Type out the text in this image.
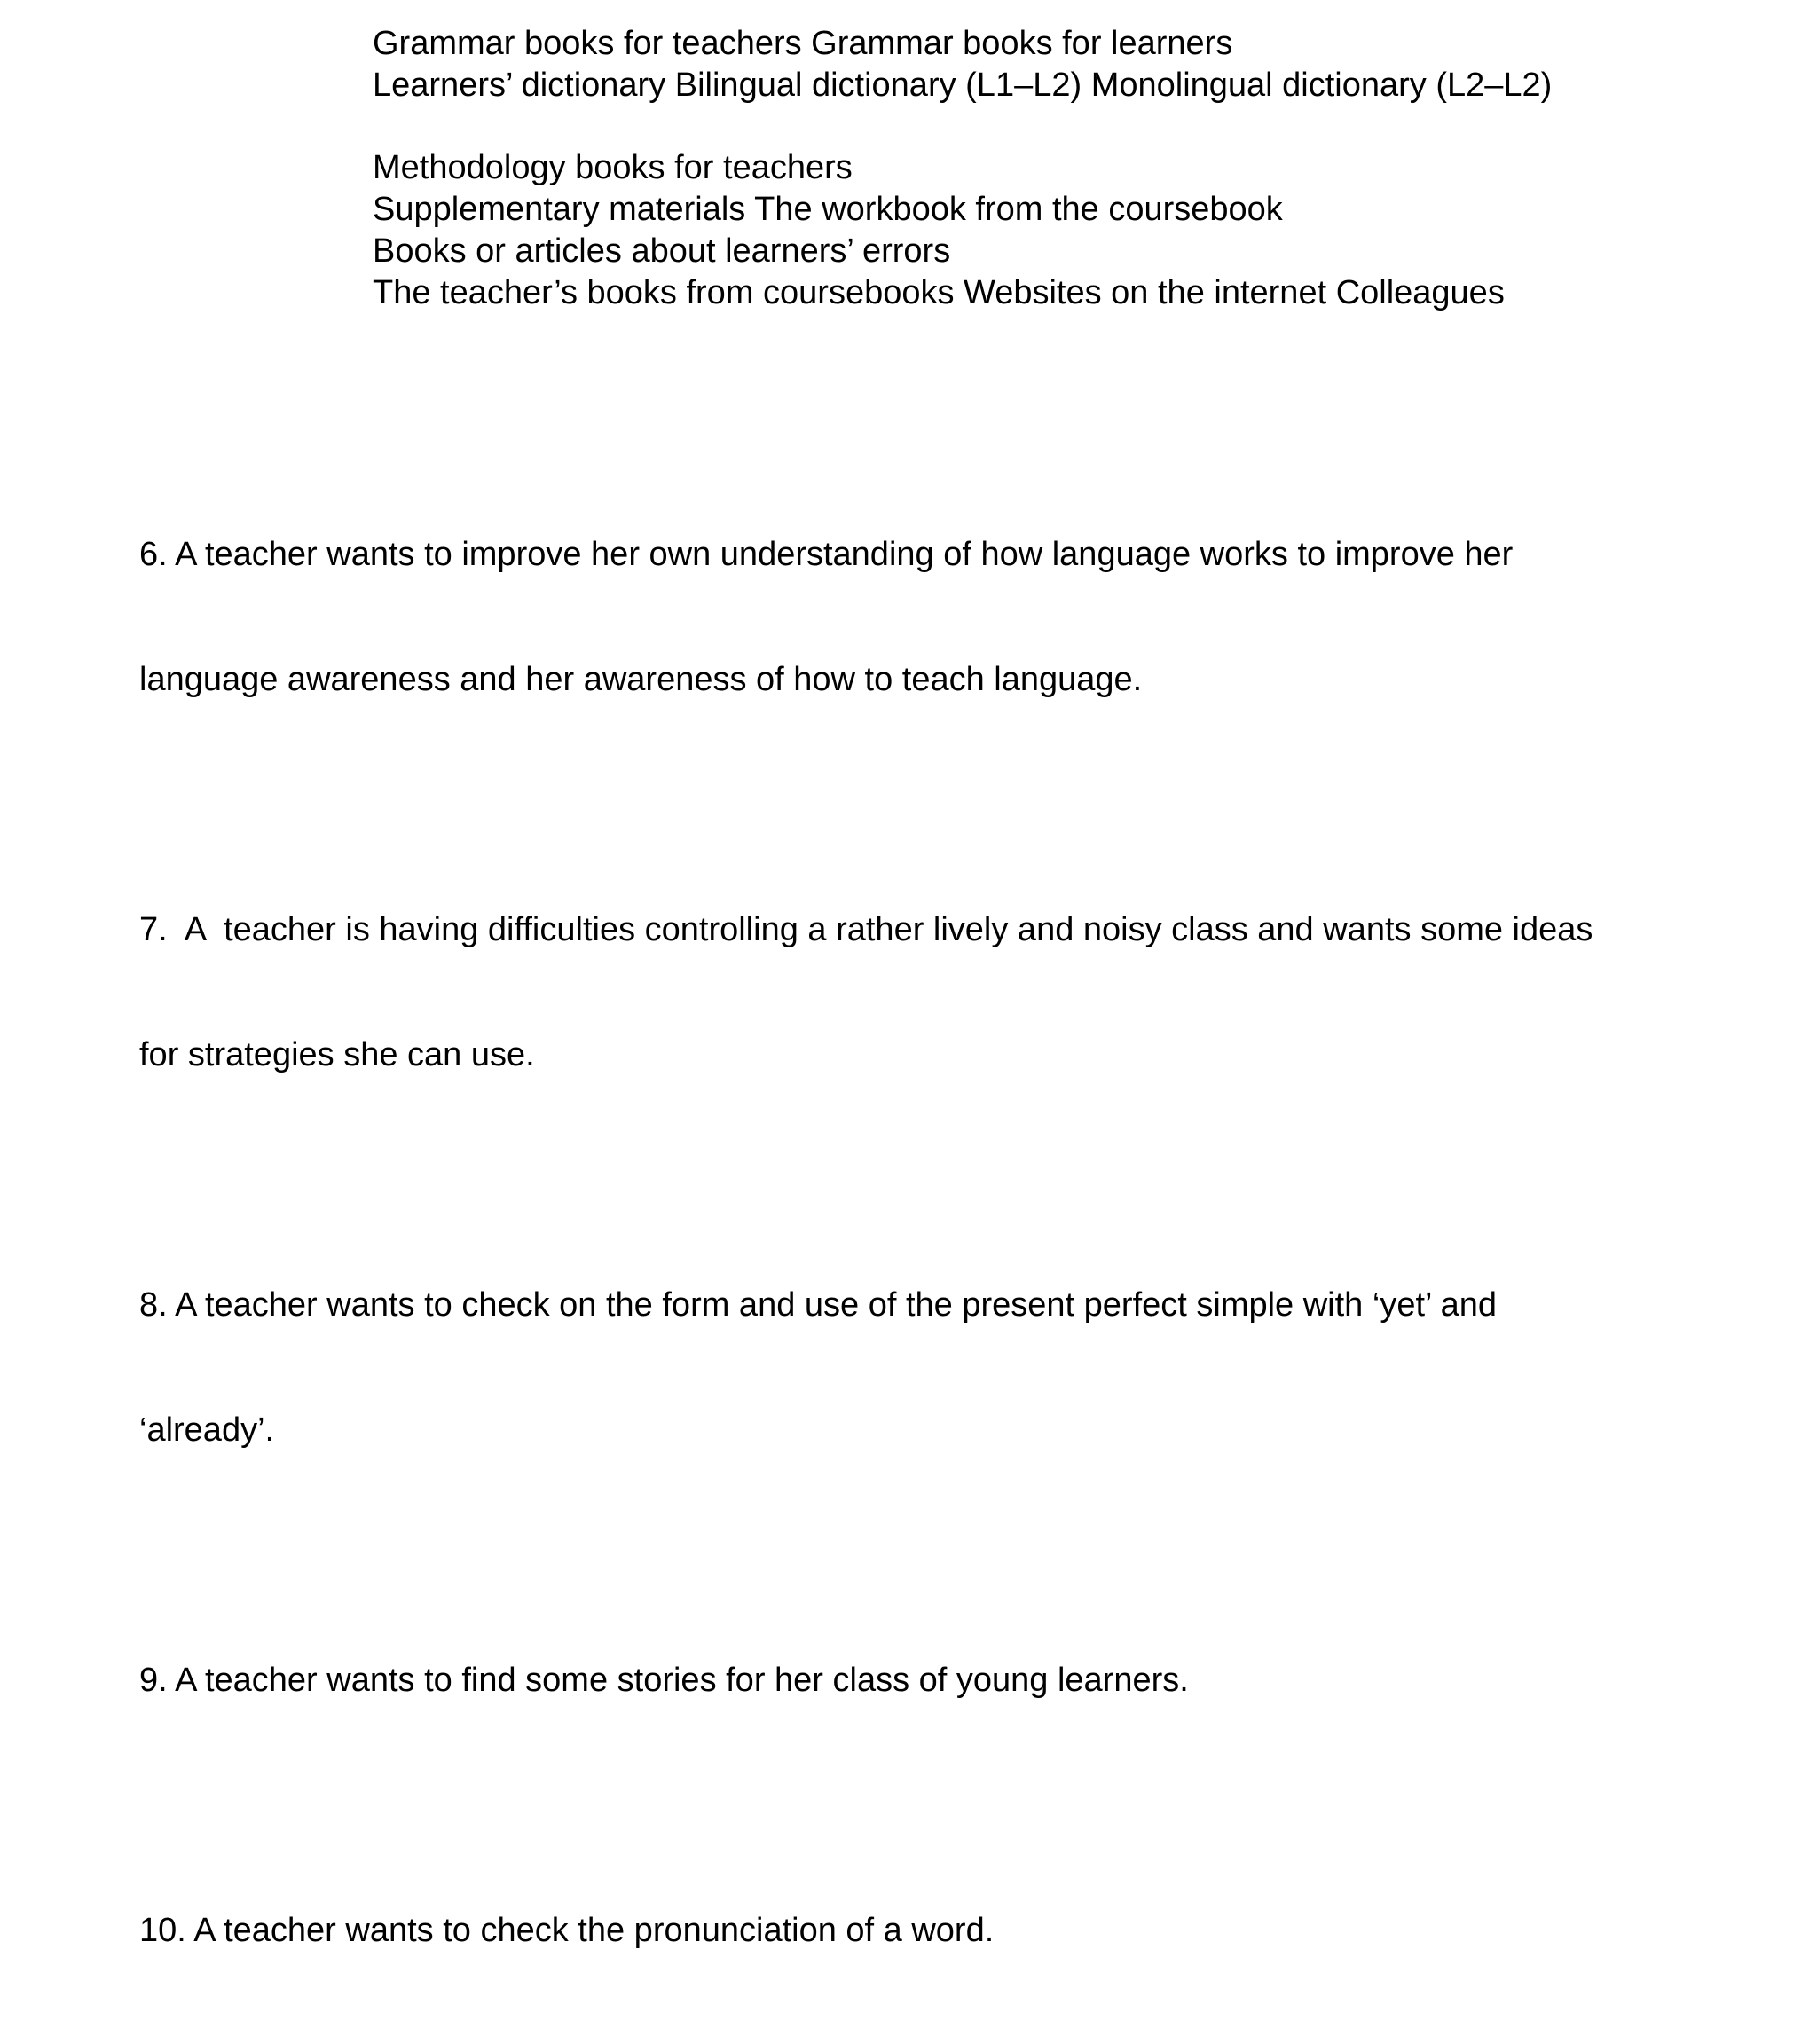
Grammar books for teachers Grammar books for learners
Learners’ dictionary Bilingual dictionary (L1–L2) Monolingual dictionary (L2–L2)
Methodology books for teachers
Supplementary materials The workbook from the coursebook
Books or articles about learners’ errors
The teacher’s books from coursebooks Websites on the internet Colleagues

6. A teacher wants to improve her own understanding of how language works to improve her

language awareness and her awareness of how to teach language.

7.  A  teacher is having difficulties controlling a rather lively and noisy class and wants some ideas

for strategies she can use.

8. A teacher wants to check on the form and use of the present perfect simple with ‘yet’ and

‘already’.

9. A teacher wants to find some stories for her class of young learners.

10. A teacher wants to check the pronunciation of a word.
